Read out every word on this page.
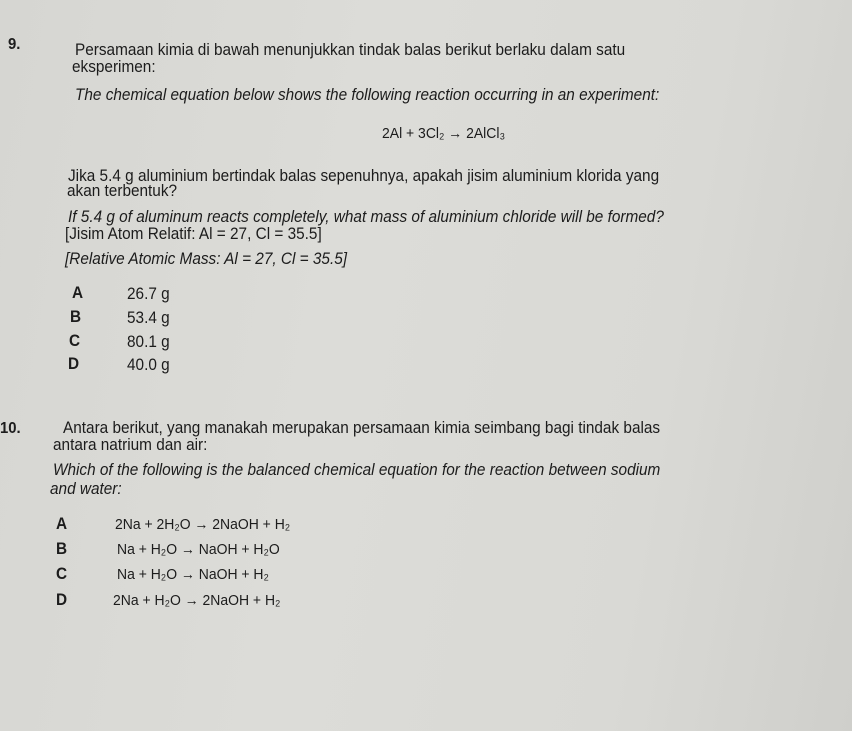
9.	Persamaan kimia di bawah menunjukkan tindak balas berikut berlaku dalam satu
eksperimen:
The chemical equation below shows the following reaction occurring in an experiment:
2Al + 3Cl₂ → 2AlCl₃
Jika 5.4 g aluminium bertindak balas sepenuhnya, apakah jisim aluminium klorida yang
akan terbentuk?
If 5.4 g of aluminum reacts completely, what mass of aluminium chloride will be formed?
[Jisim Atom Relatif: Al = 27, Cl = 35.5]
[Relative Atomic Mass: Al = 27, Cl = 35.5]
A	26.7 g
B	53.4 g
C	80.1 g
D	40.0 g
10.	Antara berikut, yang manakah merupakan persamaan kimia seimbang bagi tindak balas
antara natrium dan air:
Which of the following is the balanced chemical equation for the reaction between sodium
and water:
A	2Na + 2H₂O → 2NaOH + H₂
B	Na + H₂O → NaOH + H₂O
C	Na + H₂O → NaOH + H₂
D	2Na + H₂O → 2NaOH + H₂
